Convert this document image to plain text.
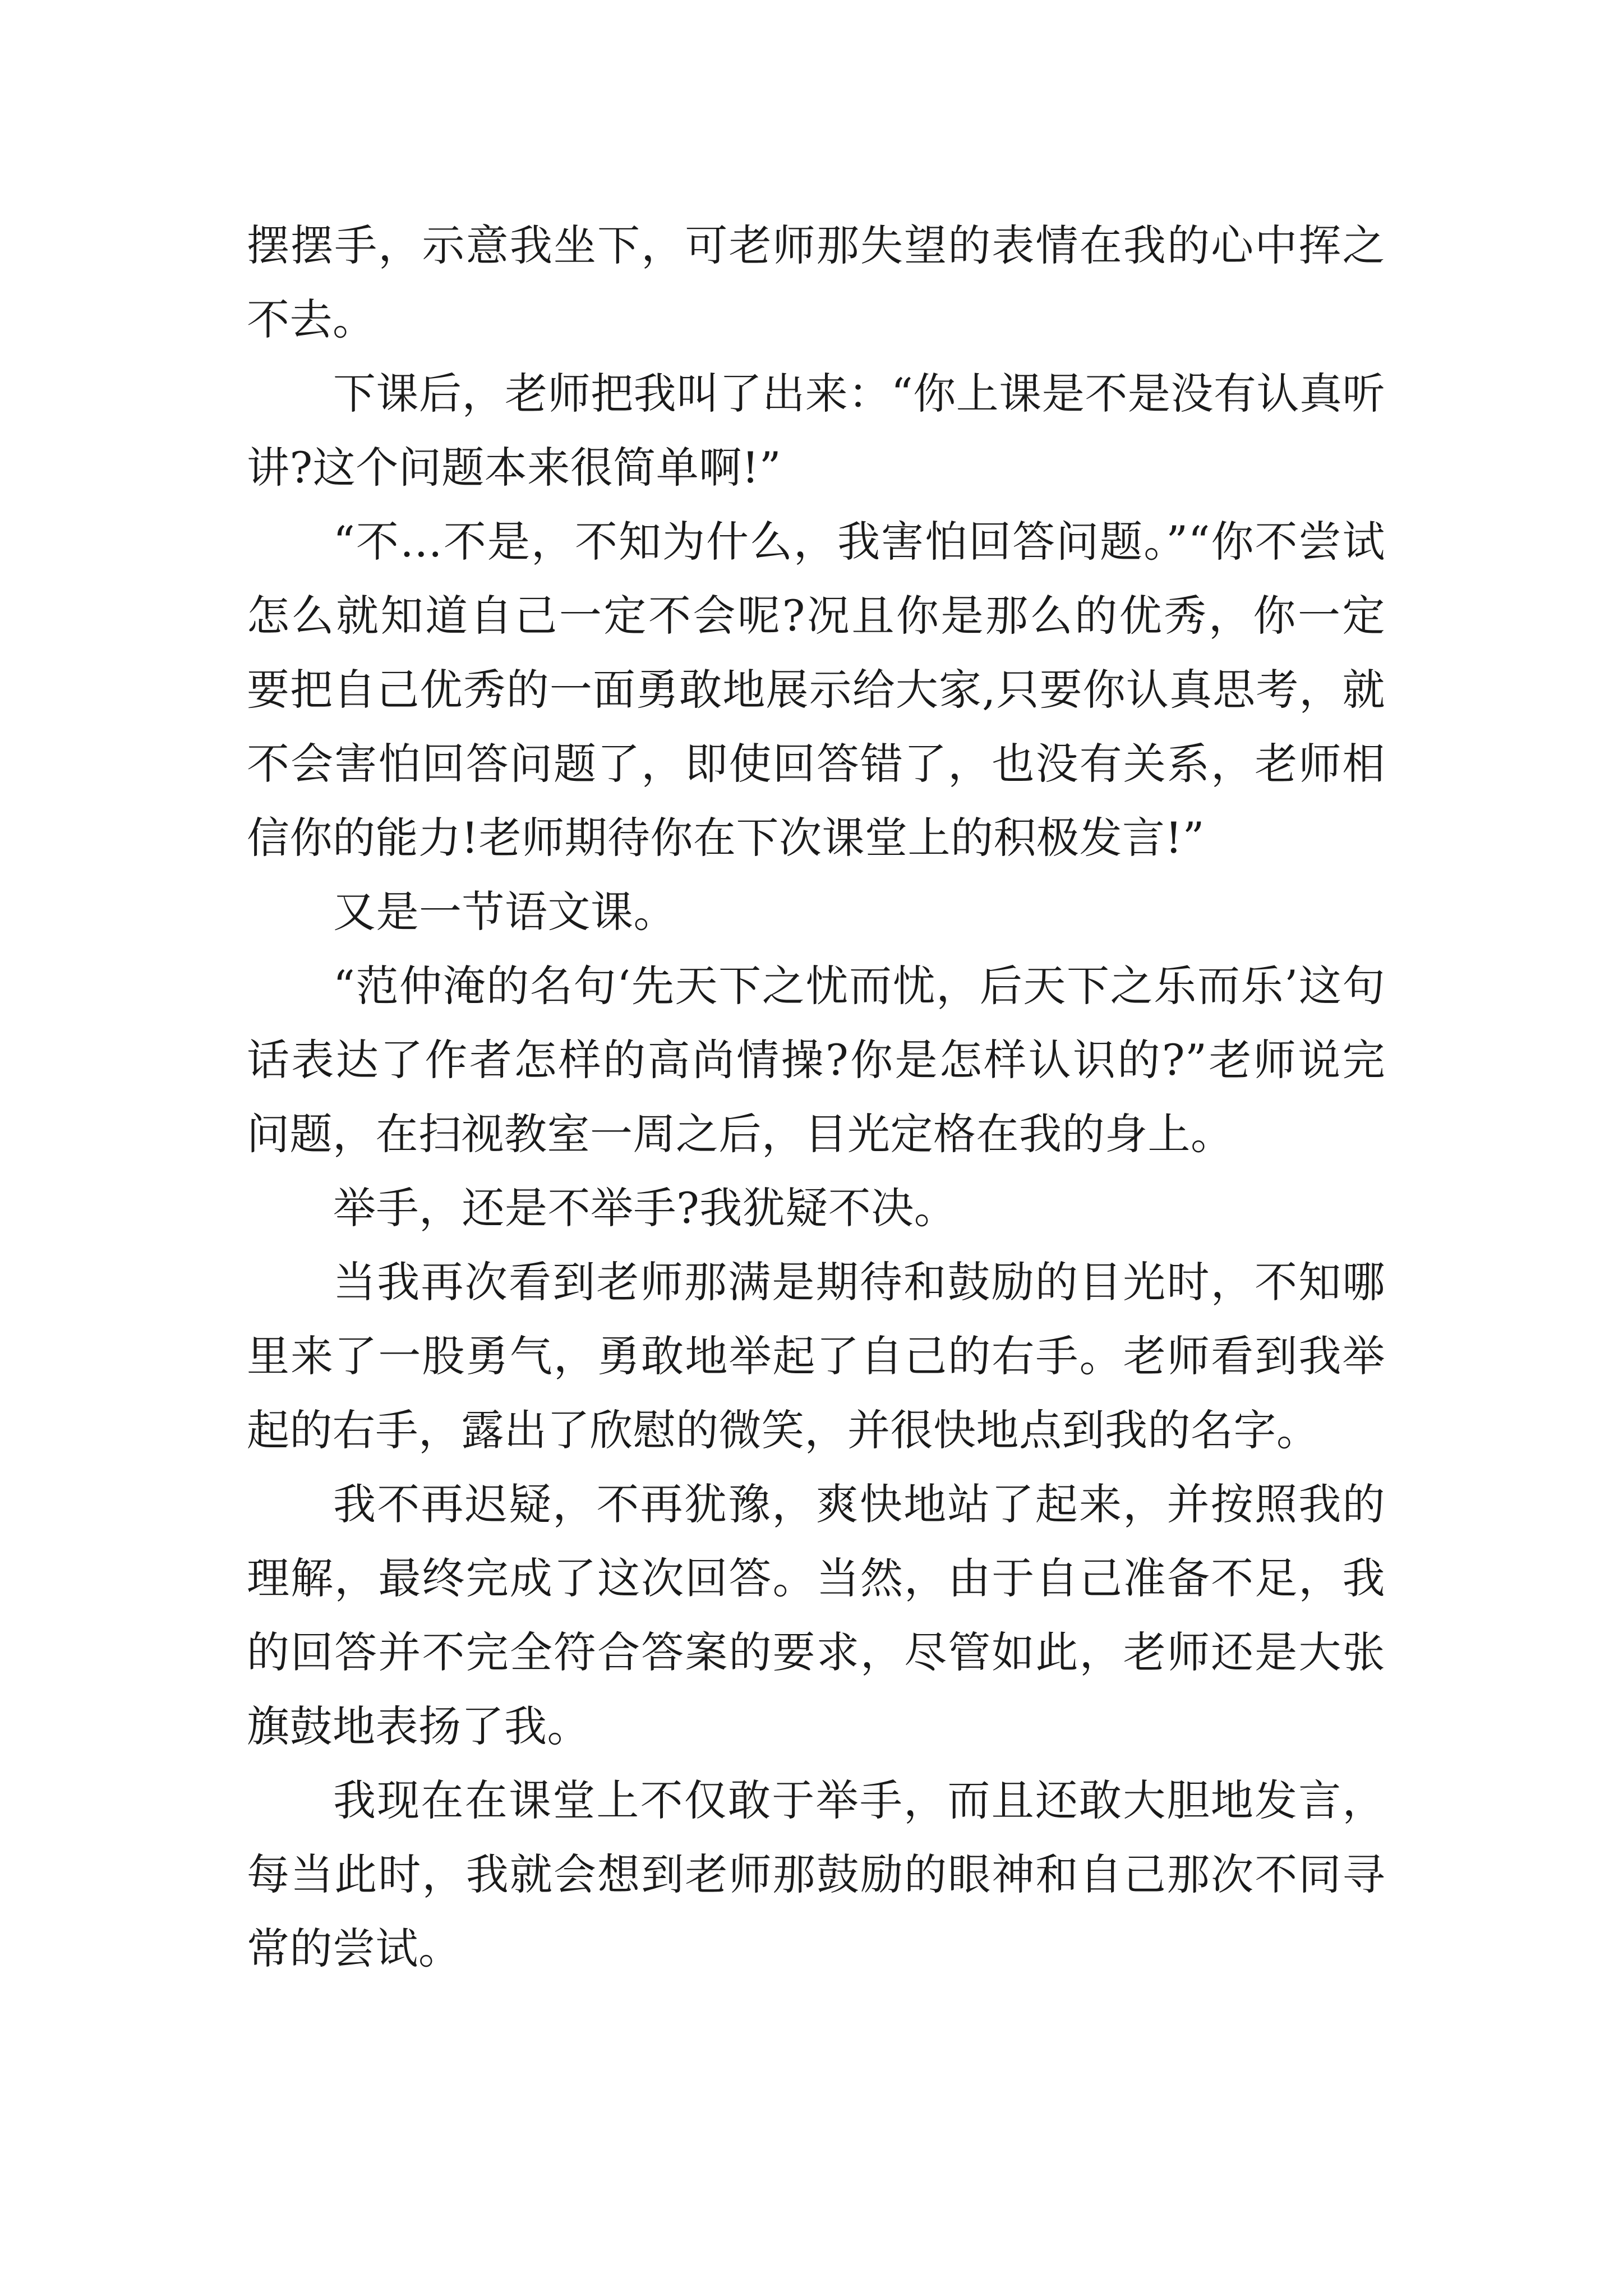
摆摆手，示意我坐下，可老师那失望的表情在我的心中挥之不去。

下课后，老师把我叫了出来：“你上课是不是没有认真听讲?这个问题本来很简单啊!”

“不…不是，不知为什么，我害怕回答问题。”“你不尝试怎么就知道自己一定不会呢?况且你是那么的优秀，你一定要把自己优秀的一面勇敢地展示给大家,只要你认真思考，就不会害怕回答问题了，即使回答错了，也没有关系，老师相信你的能力!老师期待你在下次课堂上的积极发言!”

又是一节语文课。

“范仲淹的名句‘先天下之忧而忧，后天下之乐而乐’这句话表达了作者怎样的高尚情操?你是怎样认识的?”老师说完问题，在扫视教室一周之后，目光定格在我的身上。

举手，还是不举手?我犹疑不决。

当我再次看到老师那满是期待和鼓励的目光时，不知哪里来了一股勇气，勇敢地举起了自己的右手。老师看到我举起的右手，露出了欣慰的微笑，并很快地点到我的名字。

我不再迟疑，不再犹豫，爽快地站了起来，并按照我的理解，最终完成了这次回答。当然，由于自己准备不足，我的回答并不完全符合答案的要求，尽管如此，老师还是大张旗鼓地表扬了我。

我现在在课堂上不仅敢于举手，而且还敢大胆地发言，每当此时，我就会想到老师那鼓励的眼神和自己那次不同寻常的尝试。
